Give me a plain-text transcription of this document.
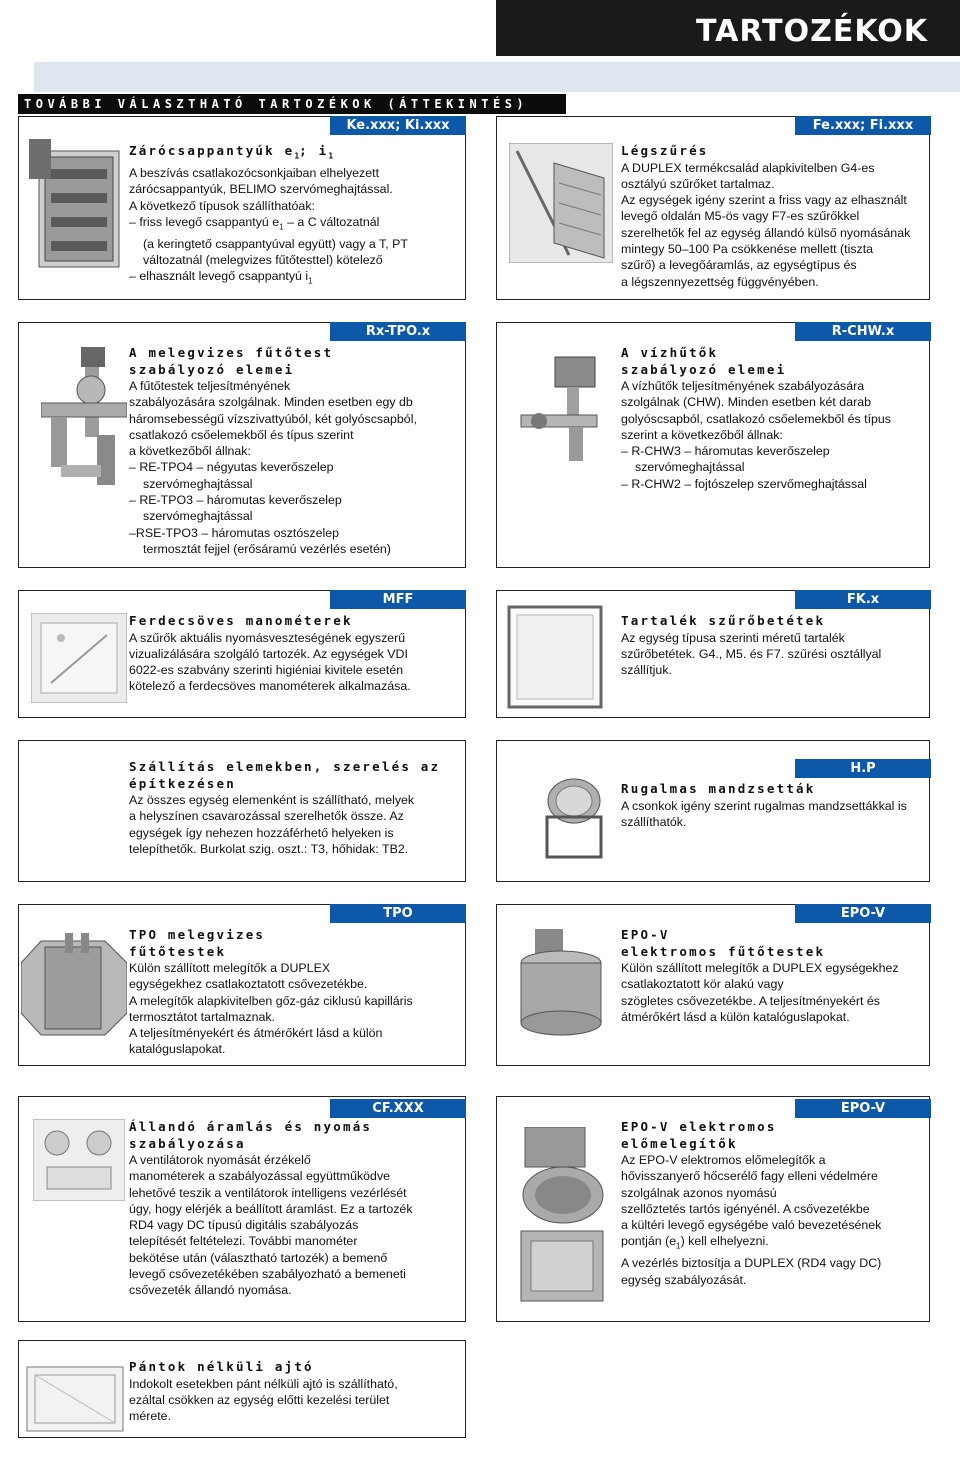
TARTOZÉKOK
TOVÁBBI VÁLASZTHATÓ TARTOZÉKOK (ÁTTEKINTÉS)
Ke.xxx; Ki.xxx
Zárócsappantyúk $e_1$; $i_1$
A beszívás csatlakozócsonkjaiban elhelyezett
zárócsappantyúk, BELIMO szervómeghajtással.
A következő típusok szállíthatóak:
– friss levegő csappantyú $e_1$ – a C változatnál
(a keringtető csappantyúval együtt) vagy a T, PT
változatnál (melegvizes fűtőtesttel) kötelező
– elhasznált levegő csappantyú $i_1$
Fe.xxx; Fi.xxx
Légszűrés
A DUPLEX termékcsalád alapkivitelben G4-es
osztályú szűrőket tartalmaz.
Az egységek igény szerint a friss vagy az elhasznált
levegő oldalán M5-ös vagy F7-es szűrőkkel
szerelhetők fel az egység állandó külső nyomásának
mintegy 50–100 Pa csökkenése mellett (tiszta
szűrő) a levegőáramlás, az egységtípus és
a légszennyezettség függvényében.
Rx-TPO.x
A melegvizes fűtőtest
szabályozó elemei
A fűtőtestek teljesítményének
szabályozására szolgálnak. Minden esetben egy db
háromsebességű vízszivattyúból, két golyóscsapból,
csatlakozó csőelemekből és típus szerint
a következőből állnak:
– RE-TPO4 – négyutas keverőszelep
szervómeghajtással
– RE-TPO3 – háromutas keverőszelep
szervómeghajtással
–RSE-TPO3 – háromutas osztószelep
termosztát fejjel (erősáramú vezérlés esetén)
R-CHW.x
A vízhűtők
szabályozó elemei
A vízhűtők teljesítményének szabályozására
szolgálnak (CHW). Minden esetben két darab
golyóscsapból, csatlakozó csőelemekből és típus
szerint a következőből állnak:
– R-CHW3 – háromutas keverőszelep
szervómeghajtással
– R-CHW2 – fojtószelep szervőmeghajtással
MFF
Ferdecsöves manométerek
A szűrők aktuális nyomásveszteségének egyszerű
vizualizálására szolgáló tartozék. Az egységek VDI
6022-es szabvány szerinti higiéniai kivitele esetén
kötelező a ferdecsöves manométerek alkalmazása.
FK.x
Tartalék szűrőbetétek
Az egység típusa szerinti méretű tartalék
szűrőbetétek. G4., M5. és F7. szűrési osztállyal
szállítjuk.
Szállítás elemekben, szerelés az
építkezésen
Az összes egység elemenként is szállítható, melyek
a helyszínen csavarozással szerelhetők össze. Az
egységek így nehezen hozzáférhető helyeken is
telepíthetők. Burkolat szig. oszt.: T3, hőhidak: TB2.
H.P
Rugalmas mandzsetták
A csonkok igény szerint rugalmas mandzsettákkal is
szállíthatók.
TPO
TPO melegvizes
fűtőtestek
Külön szállított melegítők a DUPLEX
egységekhez csatlakoztatott csővezetékbe.
A melegítők alapkivitelben gőz-gáz ciklusú kapilláris
termosztátot tartalmaznak.
A teljesítményekért és átmérőkért lásd a külön
katalóguslapokat.
EPO-V
EPO-V
elektromos fűtőtestek
Külön szállított melegítők a DUPLEX egységekhez
csatlakoztatott kör alakú vagy
szögletes csővezetékbe. A teljesítményekért és
átmérőkért lásd a külön katalóguslapokat.
CF.XXX
Állandó áramlás és nyomás
szabályozása
A ventilátorok nyomását érzékelő
manométerek a szabályozással együttműködve
lehetővé teszik a ventilátorok intelligens vezérlését
úgy, hogy elérjék a beállított áramlást. Ez a tartozék
RD4 vagy DC típusú digitális szabályozás
telepítését feltételezi. További manométer
bekötése után (választható tartozék) a bemenő
levegő csővezetékében szabályozható a bemeneti
csővezeték állandó nyomása.
EPO-V
EPO-V elektromos
előmelegítők
Az EPO-V elektromos előmelegítők a
hővisszanyerő hőcserélő fagy elleni védelmére
szolgálnak azonos nyomású
szellőztetés tartós igényénél. A csővezetékbe
a kültéri levegő egységébe való bevezetésének
pontján $(e_1)$ kell elhelyezni.
A vezérlés biztosítja a DUPLEX (RD4 vagy DC)
egység szabályozását.
Pántok nélküli ajtó
Indokolt esetekben pánt nélküli ajtó is szállítható,
ezáltal csökken az egység előtti kezelési terület
mérete.
